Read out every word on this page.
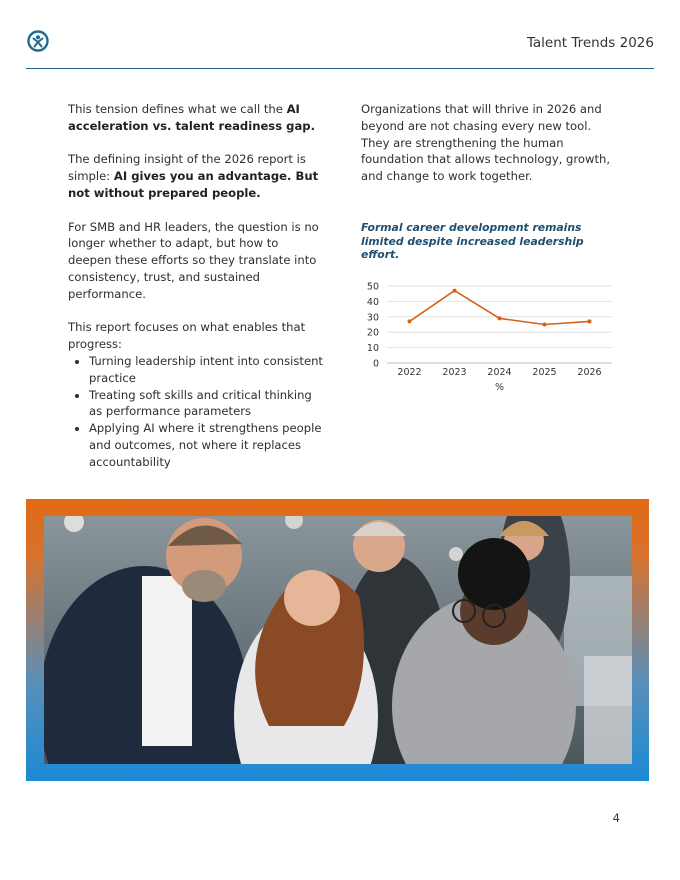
Talent Trends 2026

This tension defines what we call the AI acceleration vs. talent readiness gap.

The defining insight of the 2026 report is simple: AI gives you an advantage. But not without prepared people.

For SMB and HR leaders, the question is no longer whether to adapt, but how to deepen these efforts so they translate into consistency, trust, and sustained performance.

This report focuses on what enables that progress:
• Turning leadership intent into consistent practice
• Treating soft skills and critical thinking as performance parameters
• Applying AI where it strengthens people and outcomes, not where it replaces accountability
Organizations that will thrive in 2026 and beyond are not chasing every new tool. They are strengthening the human foundation that allows technology, growth, and change to work together.
Formal career development remains limited despite increased leadership effort.
0
10
20
30
40
50
2022 2023 2024 2025 2026
%
4
